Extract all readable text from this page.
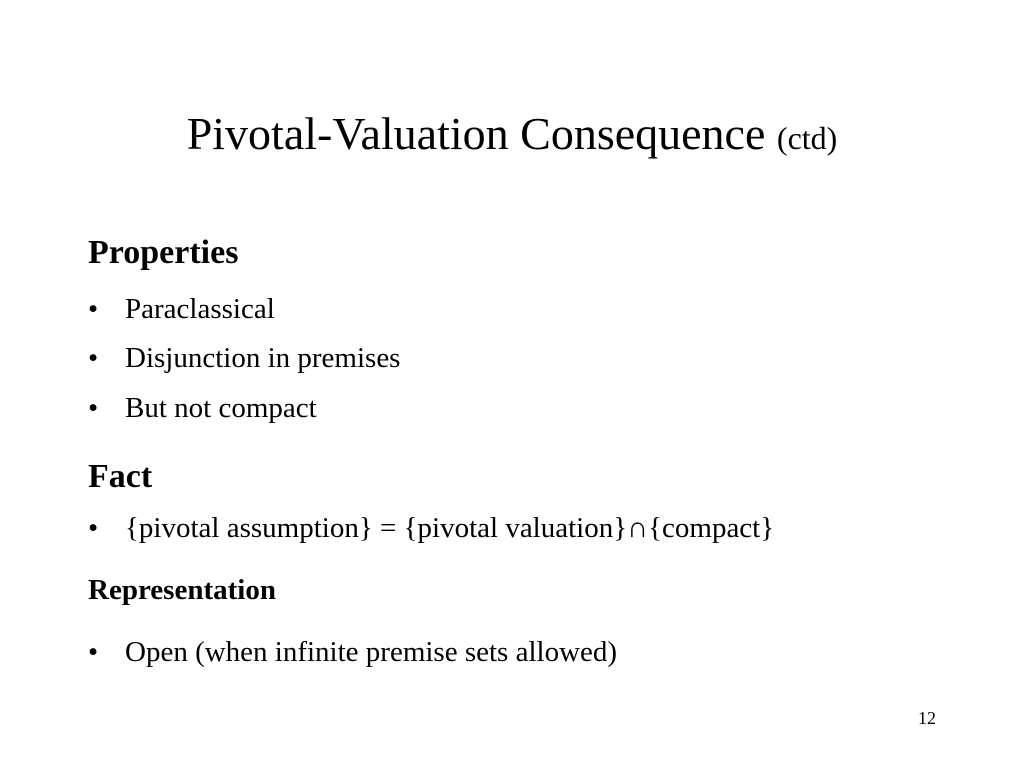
Pivotal-Valuation Consequence (ctd)
Properties
• Paraclassical
• Disjunction in premises
• But not compact
Fact
• {pivotal assumption} = {pivotal valuation}∩{compact}
Representation
• Open (when infinite premise sets allowed)
12
